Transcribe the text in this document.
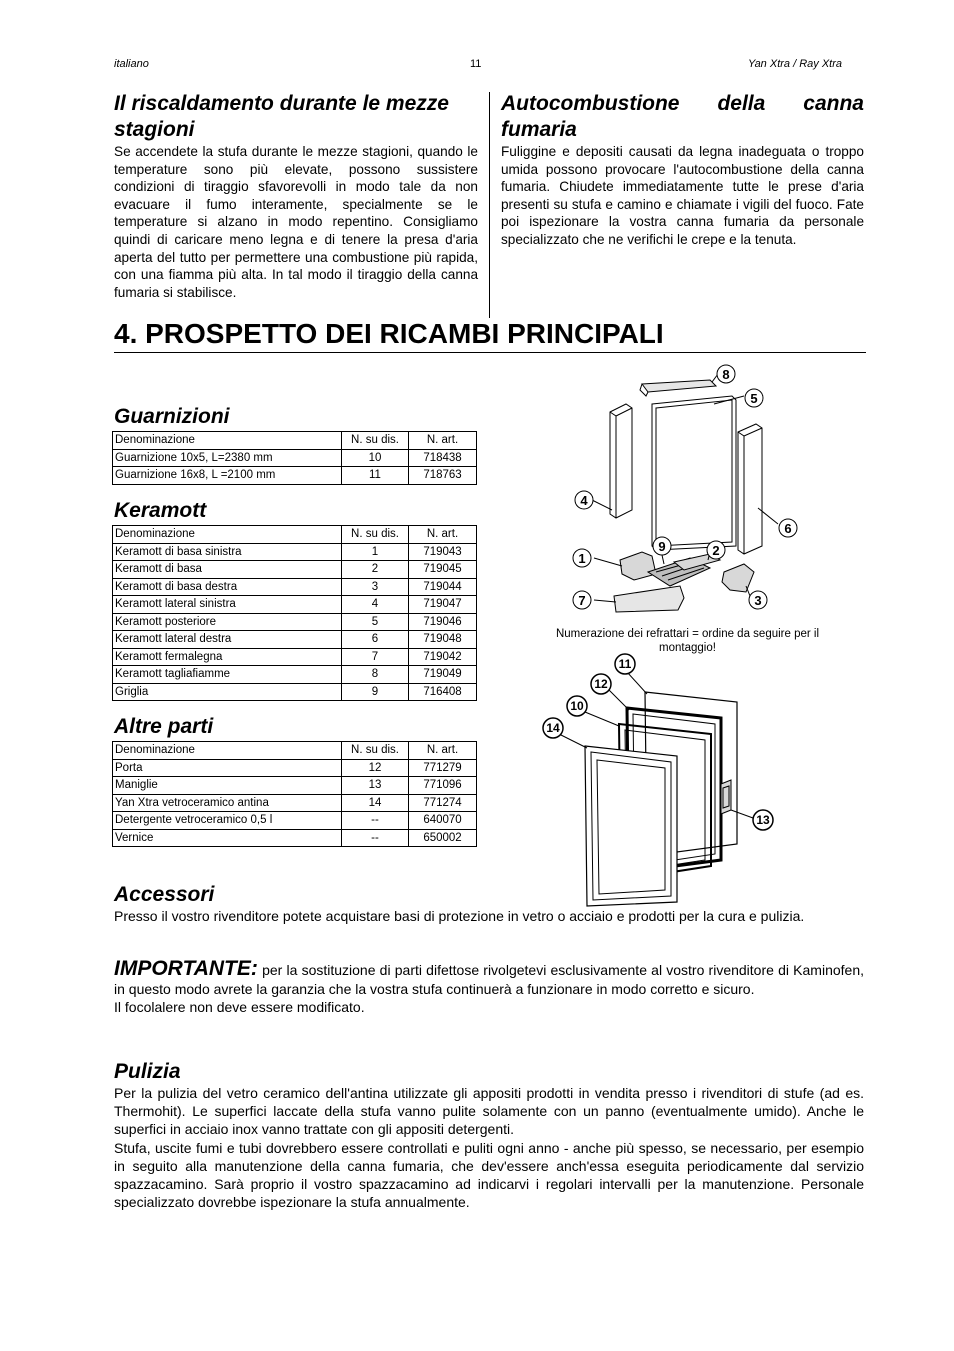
italiano	11	Yan Xtra / Ray Xtra
Il riscaldamento durante le mezze stagioni

Se accendete la stufa durante le mezze stagioni, quando le temperature sono più elevate, possono sussistere condizioni di tiraggio sfavorevolli in modo tale da non evacuare il fumo interamente, specialmente se le temperature si alzano in modo repentino. Consigliamo quindi di caricare meno legna e di tenere la presa d'aria aperta del tutto per permettere una combustione più rapida, con una fiamma più alta. In tal modo il tiraggio della canna fumaria si stabilisce.

Autocombustione della canna fumaria

Fuliggine e depositi causati da legna inadeguata o troppo umida possono provocare l'autocombustione della canna fumaria. Chiudete immediatamente tutte le prese d'aria presenti su stufa e camino e chiamate i vigili del fuoco. Fate poi ispezionare la vostra canna fumaria da personale specializzato che ne verifichi le crepe e la tenuta.

4. PROSPETTO DEI RICAMBI PRINCIPALI
Guarnizioni
Denominazione	N. su dis.	N. art.
Guarnizione 10x5, L=2380 mm	10	718438
Guarnizione 16x8, L =2100 mm	11	718763
Keramott
Denominazione	N. su dis.	N. art.
Keramott di basa sinistra	1	719043
Keramott di basa	2	719045
Keramott di basa destra	3	719044
Keramott lateral sinistra	4	719047
Keramott posteriore	5	719046
Keramott lateral destra	6	719048
Keramott fermalegna	7	719042
Keramott tagliafiamme	8	719049
Griglia	9	716408
Altre parti
Denominazione	N. su dis.	N. art.
Porta	12	771279
Maniglie	13	771096
Yan Xtra vetroceramico antina	14	771274
Detergente vetroceramico 0,5 l	--	640070
Vernice	--	650002
8
5
4
6
1
9	2
7	3
Numerazione dei refrattari = ordine da seguire per il montaggio!
11
12
10
14
13
Accessori

Presso il vostro rivenditore potete acquistare basi di protezione in vetro o acciaio e prodotti per la cura e pulizia.

IMPORTANTE: per la sostituzione di parti difettose rivolgetevi esclusivamente al vostro rivenditore di Kaminofen, in questo modo avrete la garanzia che la vostra stufa continuerà a funzionare in modo corretto e sicuro.

Il focolalere non deve essere modificato.

Pulizia

Per la pulizia del vetro ceramico dell'antina utilizzate gli appositi prodotti in vendita presso i rivenditori di stufe (ad es. Thermohit). Le superfici laccate della stufa vanno pulite solamente con un panno (eventualmente umido). Anche le superfici in acciaio inox vanno trattate con gli appositi detergenti.

Stufa, uscite fumi e tubi dovrebbero essere controllati e puliti ogni anno - anche più spesso, se necessario, per esempio in seguito alla manutenzione della canna fumaria, che dev'essere anch'essa eseguita periodicamente dal servizio spazzacamino. Sarà proprio il vostro spazzacamino ad indicarvi i regolari intervalli per la manutenzione. Personale specializzato dovrebbe ispezionare la stufa annualmente.
